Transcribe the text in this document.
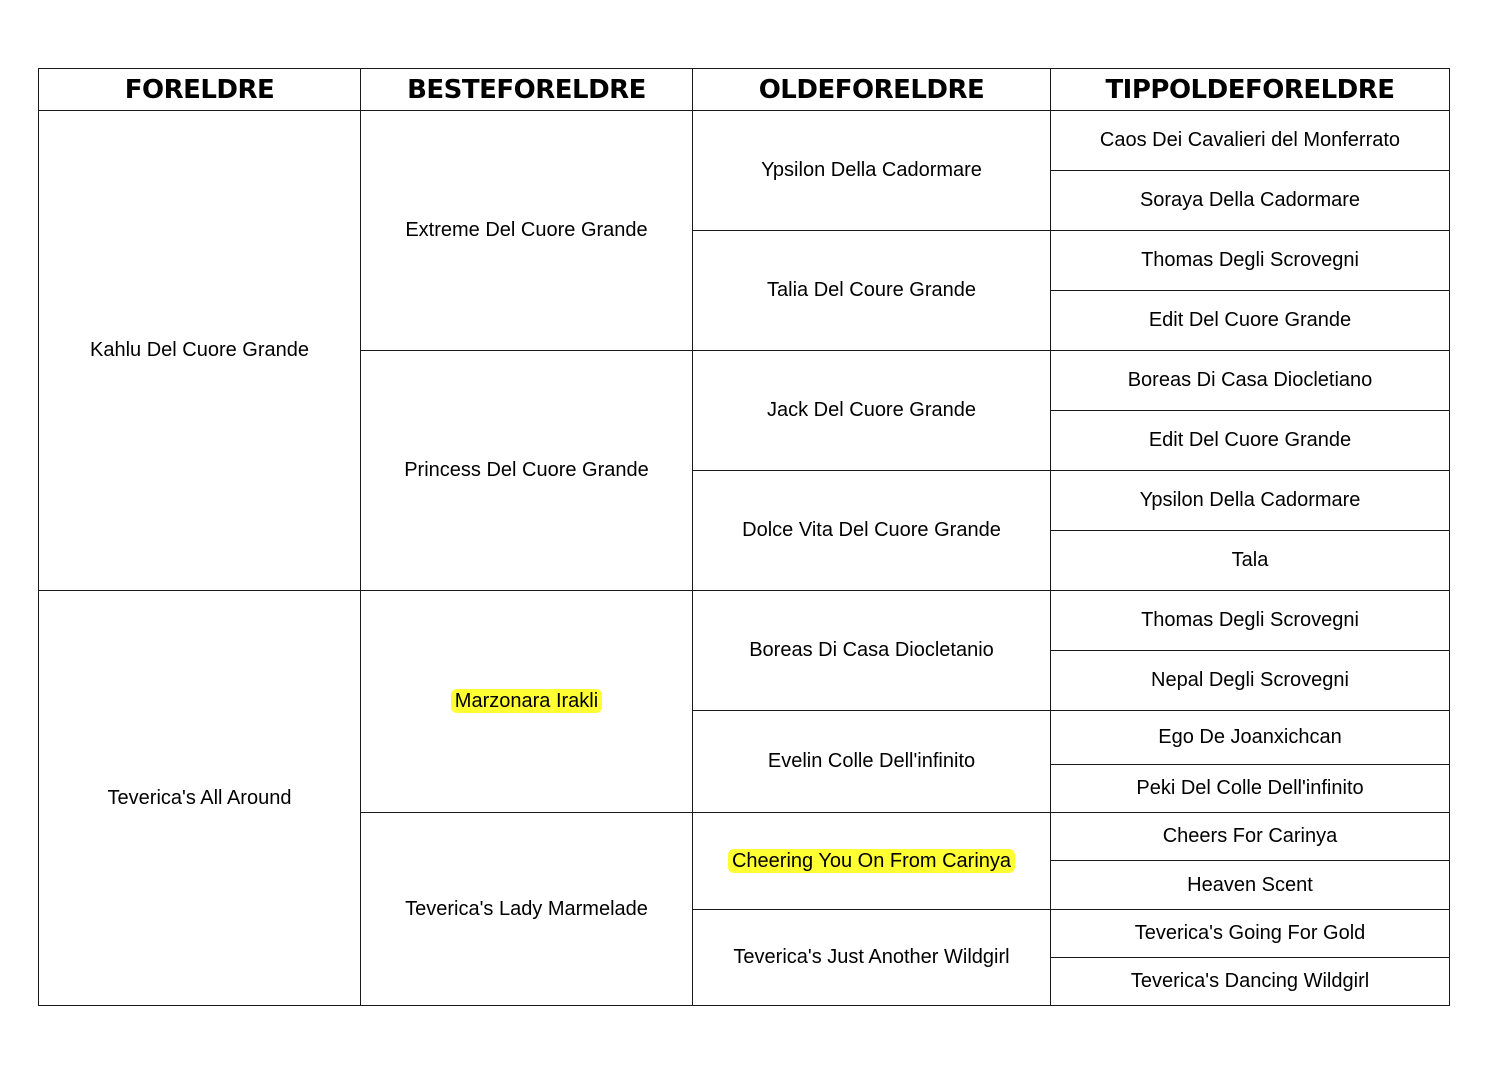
FORELDRE	BESTEFORELDRE	OLDEFORELDRE	TIPPOLDEFORELDRE
Kahlu Del Cuore Grande	Extreme Del Cuore Grande	Ypsilon Della Cadormare	Caos Dei Cavalieri del Monferrato
			Soraya Della Cadormare
		Talia Del Coure Grande	Thomas Degli Scrovegni
			Edit Del Cuore Grande
	Princess Del Cuore Grande	Jack Del Cuore Grande	Boreas Di Casa Diocletiano
			Edit Del Cuore Grande
		Dolce Vita Del Cuore Grande	Ypsilon Della Cadormare
			Tala
Teverica's All Around	Marzonara Irakli	Boreas Di Casa Diocletanio	Thomas Degli Scrovegni
			Nepal Degli Scrovegni
		Evelin Colle Dell'infinito	Ego De Joanxichcan
			Peki Del Colle Dell'infinito
	Teverica's Lady Marmelade	Cheering You On From Carinya	Cheers For Carinya
			Heaven Scent
		Teverica's Just Another Wildgirl	Teverica's Going For Gold
			Teverica's Dancing Wildgirl
